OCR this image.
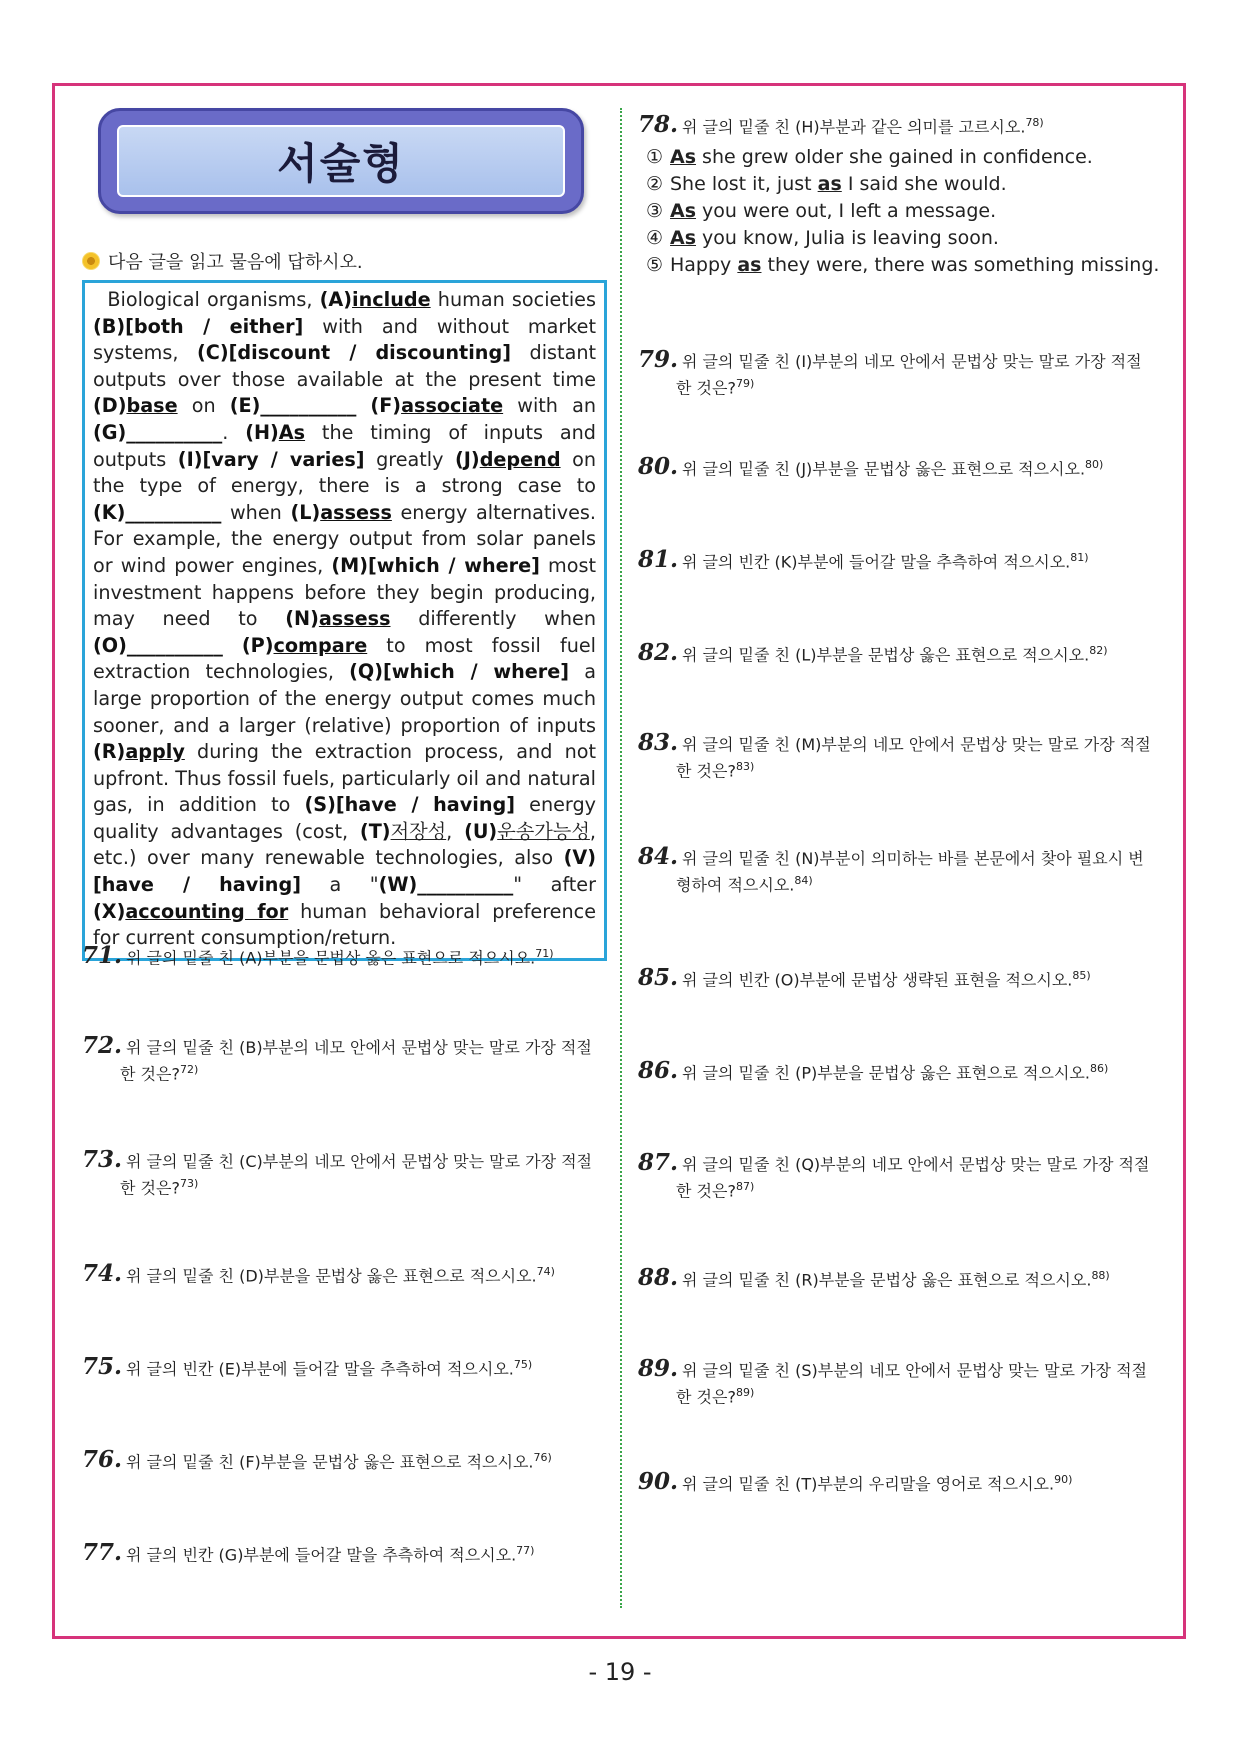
서술형
다음 글을 읽고 물음에 답하시오.
Biological organisms, (A)include human societies (B)[both / either] with and without market systems, (C)[discount / discounting] distant outputs over those available at the present time (D)base on (E)__________ (F)associate with an (G)__________. (H)As the timing of inputs and outputs (I)[vary / varies] greatly (J)depend on the type of energy, there is a strong case to (K)__________ when (L)assess energy alternatives. For example, the energy output from solar panels or wind power engines, (M)[which / where] most investment happens before they begin producing, may need to (N)assess differently when (O)__________ (P)compare to most fossil fuel extraction technologies, (Q)[which / where] a large proportion of the energy output comes much sooner, and a larger (relative) proportion of inputs (R)apply during the extraction process, and not upfront. Thus fossil fuels, particularly oil and natural gas, in addition to (S)[have / having] energy quality advantages (cost, (T)저장성, (U)운송가능성, etc.) over many renewable technologies, also (V)[have / having] a "(W)__________" after (X)accounting for human behavioral preference for current consumption/return.
71. 위 글의 밑줄 친 (A)부분을 문법상 옳은 표현으로 적으시오.$^{71)}$
72. 위 글의 밑줄 친 (B)부분의 네모 안에서 문법상 맞는 말로 가장 적절
한 것은?$^{72)}$
73. 위 글의 밑줄 친 (C)부분의 네모 안에서 문법상 맞는 말로 가장 적절
한 것은?$^{73)}$
74. 위 글의 밑줄 친 (D)부분을 문법상 옳은 표현으로 적으시오.$^{74)}$
75. 위 글의 빈칸 (E)부분에 들어갈 말을 추측하여 적으시오.$^{75)}$
76. 위 글의 밑줄 친 (F)부분을 문법상 옳은 표현으로 적으시오.$^{76)}$
77. 위 글의 빈칸 (G)부분에 들어갈 말을 추측하여 적으시오.$^{77)}$
78. 위 글의 밑줄 친 (H)부분과 같은 의미를 고르시오.$^{78)}$
① As she grew older she gained in confidence.
② She lost it, just as I said she would.
③ As you were out, I left a message.
④ As you know, Julia is leaving soon.
⑤ Happy as they were, there was something missing.
79. 위 글의 밑줄 친 (I)부분의 네모 안에서 문법상 맞는 말로 가장 적절
한 것은?$^{79)}$
80. 위 글의 밑줄 친 (J)부분을 문법상 옳은 표현으로 적으시오.$^{80)}$
81. 위 글의 빈칸 (K)부분에 들어갈 말을 추측하여 적으시오.$^{81)}$
82. 위 글의 밑줄 친 (L)부분을 문법상 옳은 표현으로 적으시오.$^{82)}$
83. 위 글의 밑줄 친 (M)부분의 네모 안에서 문법상 맞는 말로 가장 적절
한 것은?$^{83)}$
84. 위 글의 밑줄 친 (N)부분이 의미하는 바를 본문에서 찾아 필요시 변
형하여 적으시오.$^{84)}$
85. 위 글의 빈칸 (O)부분에 문법상 생략된 표현을 적으시오.$^{85)}$
86. 위 글의 밑줄 친 (P)부분을 문법상 옳은 표현으로 적으시오.$^{86)}$
87. 위 글의 밑줄 친 (Q)부분의 네모 안에서 문법상 맞는 말로 가장 적절
한 것은?$^{87)}$
88. 위 글의 밑줄 친 (R)부분을 문법상 옳은 표현으로 적으시오.$^{88)}$
89. 위 글의 밑줄 친 (S)부분의 네모 안에서 문법상 맞는 말로 가장 적절
한 것은?$^{89)}$
90. 위 글의 밑줄 친 (T)부분의 우리말을 영어로 적으시오.$^{90)}$
- 19 -
